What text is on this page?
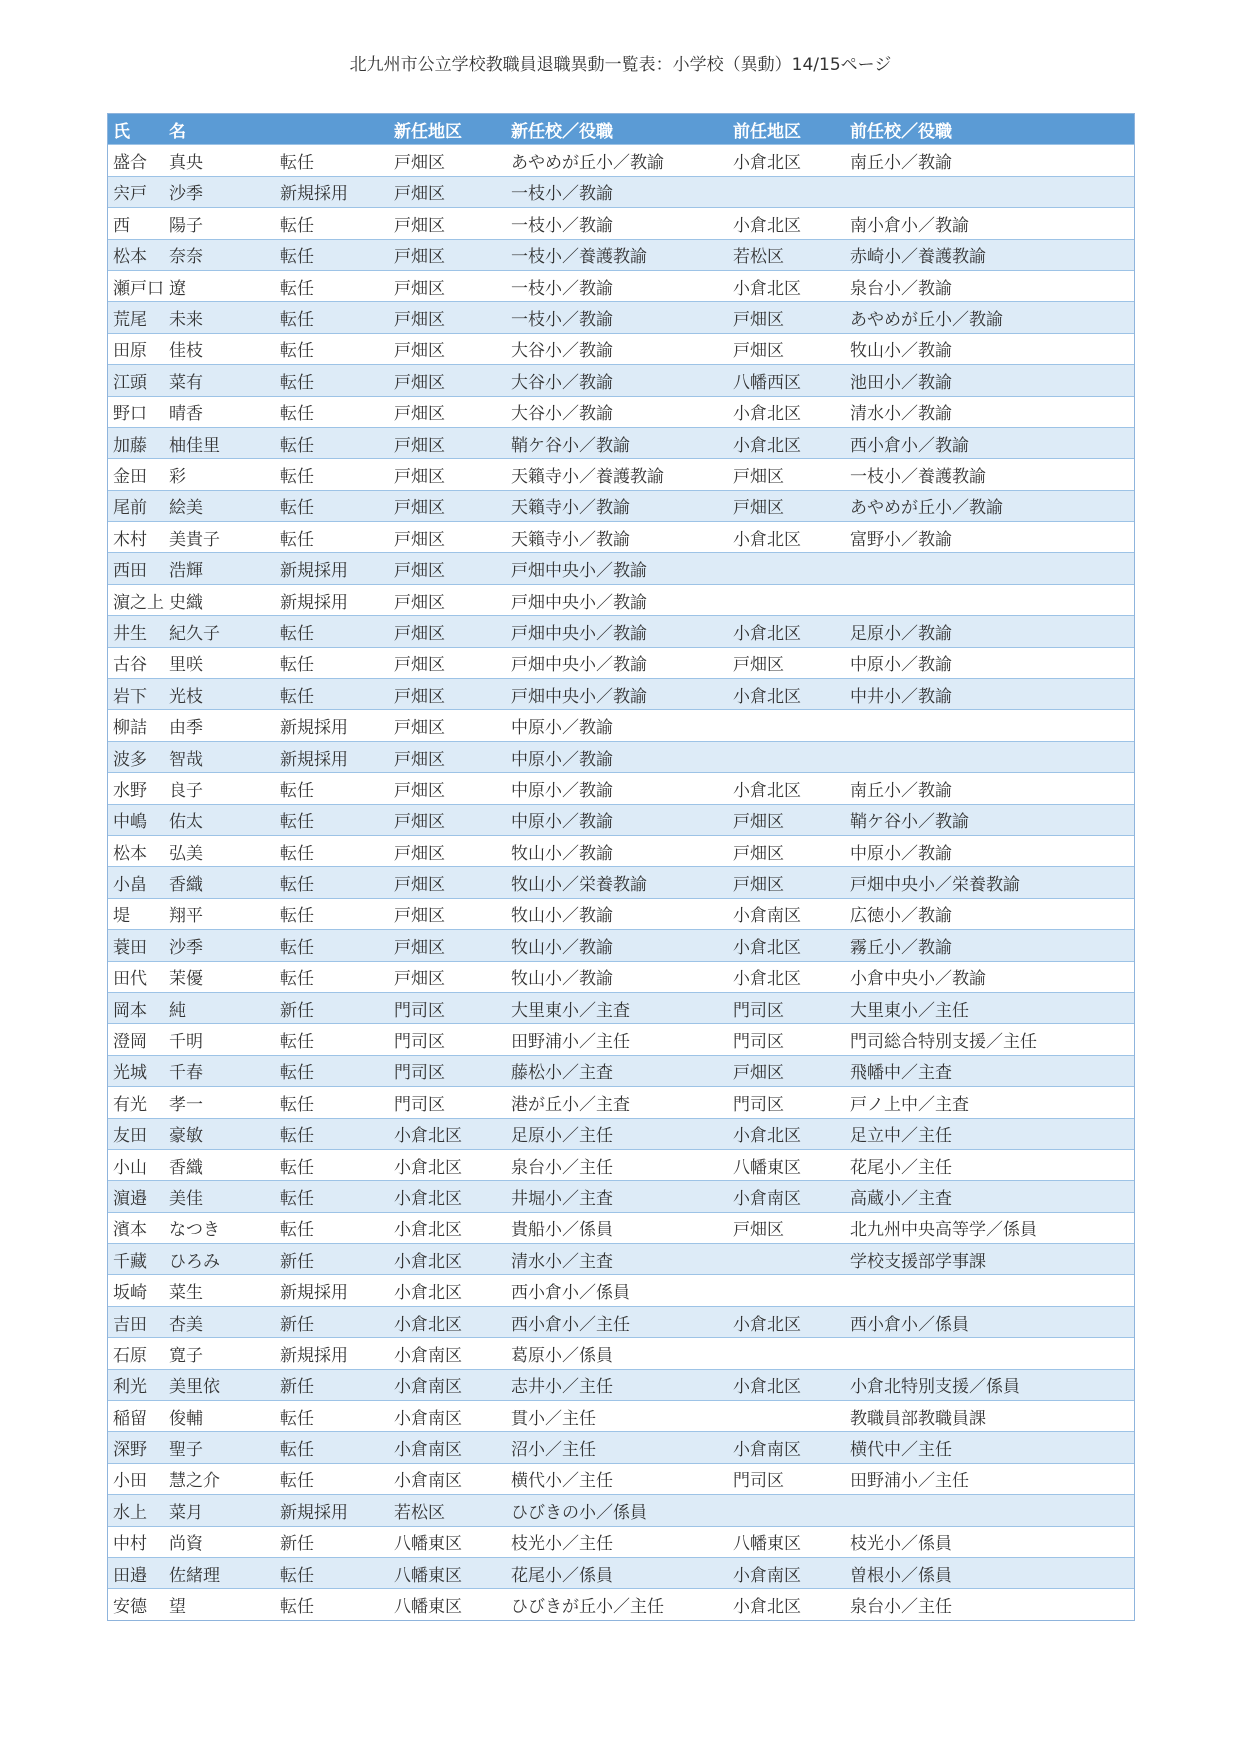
北九州市公立学校教職員退職異動一覧表：小学校（異動）14/15ページ
氏	名		新任地区	新任校／役職	前任地区	前任校／役職
盛合	真央	転任	戸畑区	あやめが丘小／教諭	小倉北区	南丘小／教諭
宍戸	沙季	新規採用	戸畑区	一枝小／教諭		
西	陽子	転任	戸畑区	一枝小／教諭	小倉北区	南小倉小／教諭
松本	奈奈	転任	戸畑区	一枝小／養護教諭	若松区	赤崎小／養護教諭
瀬戸口	遼	転任	戸畑区	一枝小／教諭	小倉北区	泉台小／教諭
荒尾	未来	転任	戸畑区	一枝小／教諭	戸畑区	あやめが丘小／教諭
田原	佳枝	転任	戸畑区	大谷小／教諭	戸畑区	牧山小／教諭
江頭	菜有	転任	戸畑区	大谷小／教諭	八幡西区	池田小／教諭
野口	晴香	転任	戸畑区	大谷小／教諭	小倉北区	清水小／教諭
加藤	柚佳里	転任	戸畑区	鞘ケ谷小／教諭	小倉北区	西小倉小／教諭
金田	彩	転任	戸畑区	天籟寺小／養護教諭	戸畑区	一枝小／養護教諭
尾前	絵美	転任	戸畑区	天籟寺小／教諭	戸畑区	あやめが丘小／教諭
木村	美貴子	転任	戸畑区	天籟寺小／教諭	小倉北区	富野小／教諭
西田	浩輝	新規採用	戸畑区	戸畑中央小／教諭		
濵之上	史織	新規採用	戸畑区	戸畑中央小／教諭		
井生	紀久子	転任	戸畑区	戸畑中央小／教諭	小倉北区	足原小／教諭
古谷	里咲	転任	戸畑区	戸畑中央小／教諭	戸畑区	中原小／教諭
岩下	光枝	転任	戸畑区	戸畑中央小／教諭	小倉北区	中井小／教諭
柳詰	由季	新規採用	戸畑区	中原小／教諭		
波多	智哉	新規採用	戸畑区	中原小／教諭		
水野	良子	転任	戸畑区	中原小／教諭	小倉北区	南丘小／教諭
中嶋	佑太	転任	戸畑区	中原小／教諭	戸畑区	鞘ケ谷小／教諭
松本	弘美	転任	戸畑区	牧山小／教諭	戸畑区	中原小／教諭
小畠	香織	転任	戸畑区	牧山小／栄養教諭	戸畑区	戸畑中央小／栄養教諭
堤	翔平	転任	戸畑区	牧山小／教諭	小倉南区	広徳小／教諭
蓑田	沙季	転任	戸畑区	牧山小／教諭	小倉北区	霧丘小／教諭
田代	茉優	転任	戸畑区	牧山小／教諭	小倉北区	小倉中央小／教諭
岡本	純	新任	門司区	大里東小／主査	門司区	大里東小／主任
澄岡	千明	転任	門司区	田野浦小／主任	門司区	門司総合特別支援／主任
光城	千春	転任	門司区	藤松小／主査	戸畑区	飛幡中／主査
有光	孝一	転任	門司区	港が丘小／主査	門司区	戸ノ上中／主査
友田	豪敏	転任	小倉北区	足原小／主任	小倉北区	足立中／主任
小山	香織	転任	小倉北区	泉台小／主任	八幡東区	花尾小／主任
濵邉	美佳	転任	小倉北区	井堀小／主査	小倉南区	高蔵小／主査
濱本	なつき	転任	小倉北区	貴船小／係員	戸畑区	北九州中央高等学／係員
千藏	ひろみ	新任	小倉北区	清水小／主査		学校支援部学事課
坂崎	菜生	新規採用	小倉北区	西小倉小／係員		
吉田	杏美	新任	小倉北区	西小倉小／主任	小倉北区	西小倉小／係員
石原	寛子	新規採用	小倉南区	葛原小／係員		
利光	美里依	新任	小倉南区	志井小／主任	小倉北区	小倉北特別支援／係員
稲留	俊輔	転任	小倉南区	貫小／主任		教職員部教職員課
深野	聖子	転任	小倉南区	沼小／主任	小倉南区	横代中／主任
小田	慧之介	転任	小倉南区	横代小／主任	門司区	田野浦小／主任
水上	菜月	新規採用	若松区	ひびきの小／係員		
中村	尚資	新任	八幡東区	枝光小／主任	八幡東区	枝光小／係員
田邉	佐緒理	転任	八幡東区	花尾小／係員	小倉南区	曽根小／係員
安德	望	転任	八幡東区	ひびきが丘小／主任	小倉北区	泉台小／主任
